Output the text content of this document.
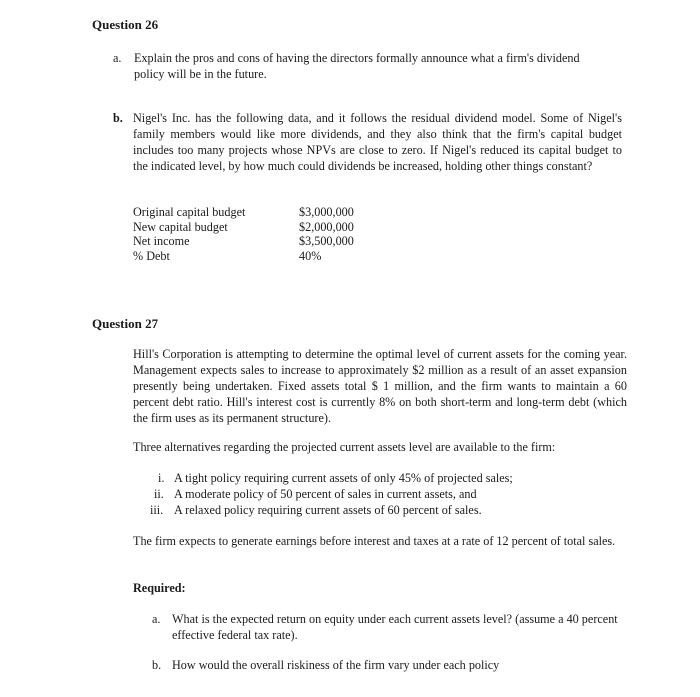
Question 26
a. Explain the pros and cons of having the directors formally announce what a firm's dividend policy will be in the future.
b. Nigel's Inc. has the following data, and it follows the residual dividend model. Some of Nigel's family members would like more dividends, and they also think that the firm's capital budget includes too many projects whose NPVs are close to zero. If Nigel's reduced its capital budget to the indicated level, by how much could dividends be increased, holding other things constant?
Original capital budget	$3,000,000
New capital budget	$2,000,000
Net income	$3,500,000
% Debt	40%
Question 27
Hill's Corporation is attempting to determine the optimal level of current assets for the coming year. Management expects sales to increase to approximately $2 million as a result of an asset expansion presently being undertaken. Fixed assets total $ 1 million, and the firm wants to maintain a 60 percent debt ratio. Hill's interest cost is currently 8% on both short-term and long-term debt (which the firm uses as its permanent structure).
Three alternatives regarding the projected current assets level are available to the firm:
i. A tight policy requiring current assets of only 45% of projected sales;
ii. A moderate policy of 50 percent of sales in current assets, and
iii. A relaxed policy requiring current assets of 60 percent of sales.
The firm expects to generate earnings before interest and taxes at a rate of 12 percent of total sales.
Required:
a. What is the expected return on equity under each current assets level? (assume a 40 percent effective federal tax rate).
b. How would the overall riskiness of the firm vary under each policy
